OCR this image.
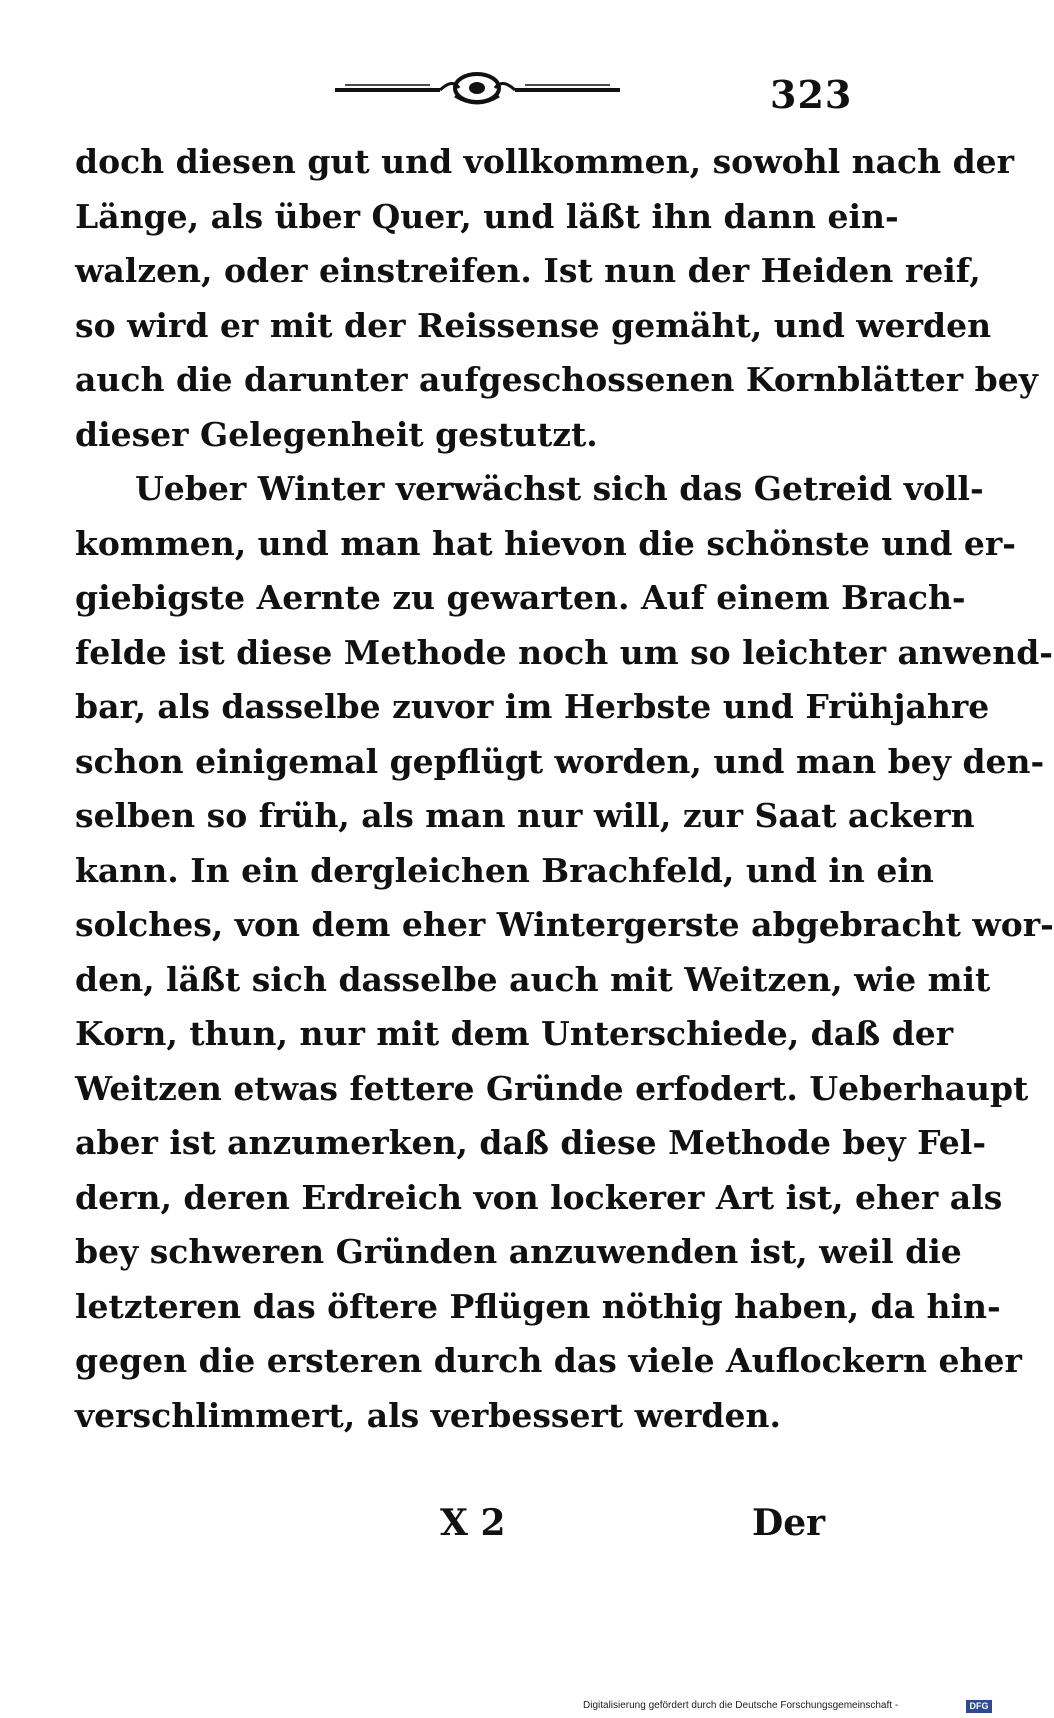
323
doch diesen gut und vollkommen, sowohl nach der
Länge, als über Quer, und läßt ihn dann ein-
walzen, oder einstreifen. Ist nun der Heiden reif,
so wird er mit der Reissense gemäht, und werden
auch die darunter aufgeschossenen Kornblätter bey
dieser Gelegenheit gestutzt.
Ueber Winter verwächst sich das Getreid voll-
kommen, und man hat hievon die schönste und er-
giebigste Aernte zu gewarten. Auf einem Brach-
felde ist diese Methode noch um so leichter anwend-
bar, als dasselbe zuvor im Herbste und Frühjahre
schon einigemal gepflügt worden, und man bey den-
selben so früh, als man nur will, zur Saat ackern
kann. In ein dergleichen Brachfeld, und in ein
solches, von dem eher Wintergerste abgebracht wor-
den, läßt sich dasselbe auch mit Weitzen, wie mit
Korn, thun, nur mit dem Unterschiede, daß der
Weitzen etwas fettere Gründe erfodert. Ueberhaupt
aber ist anzumerken, daß diese Methode bey Fel-
dern, deren Erdreich von lockerer Art ist, eher als
bey schweren Gründen anzuwenden ist, weil die
letzteren das öftere Pflügen nöthig haben, da hin-
gegen die ersteren durch das viele Auflockern eher
verschlimmert, als verbessert werden.
X 2	Der
Digitalisierung gefördert durch die Deutsche Forschungsgemeinschaft -	DFG
